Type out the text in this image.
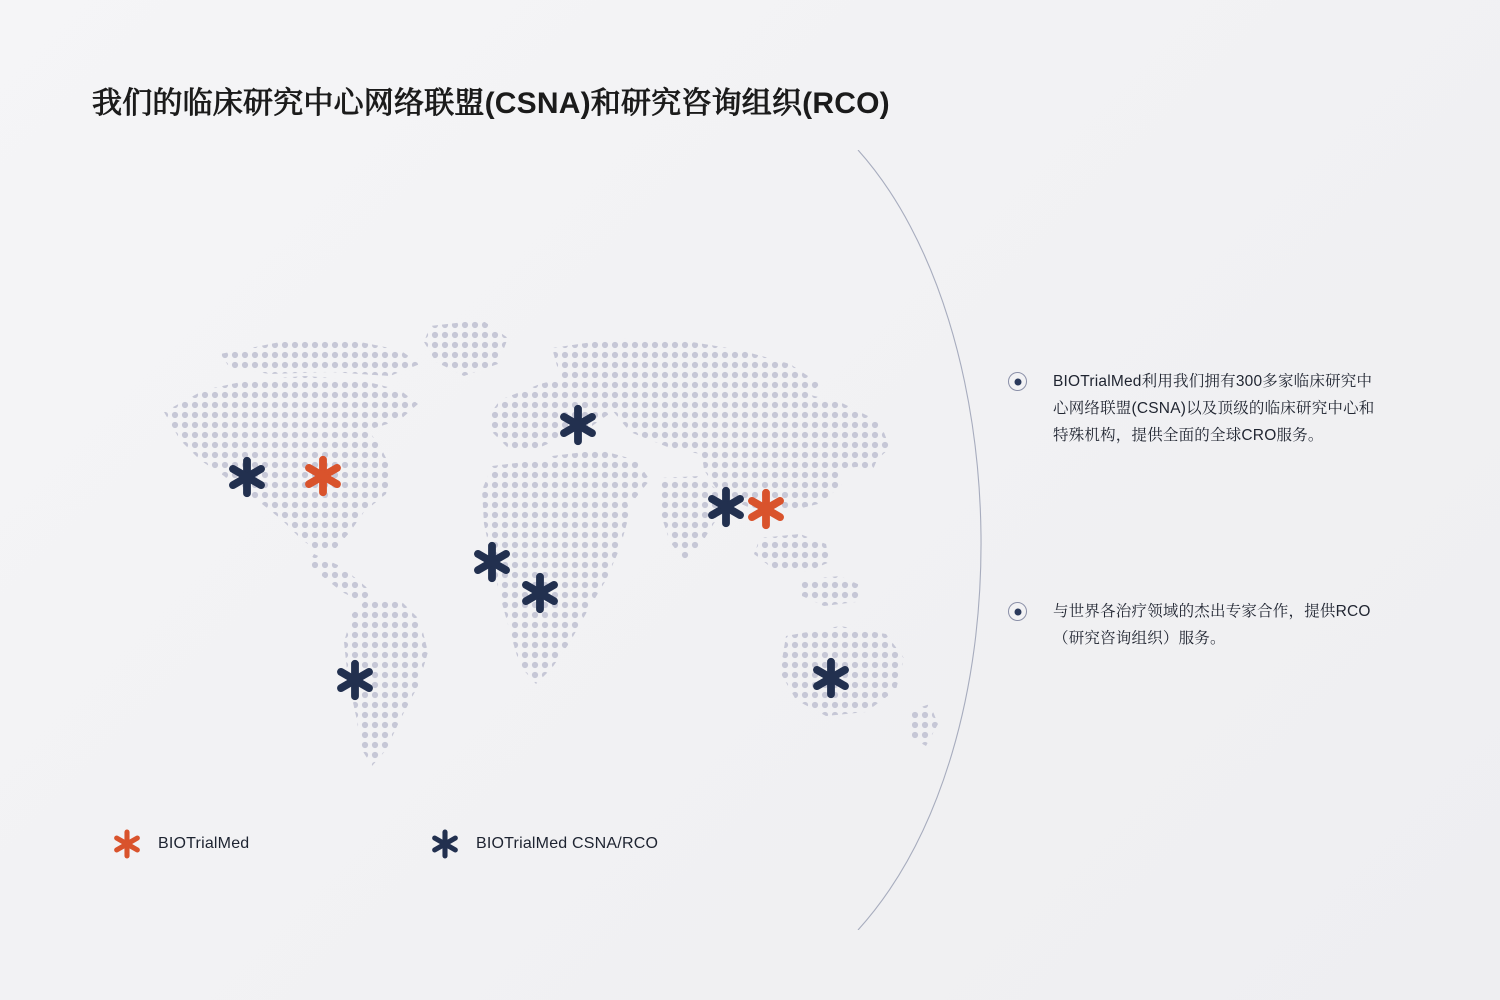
我们的临床研究中心网络联盟(CSNA)和研究咨询组织(RCO)
BIOTrialMed利用我们拥有300多家临床研究中心网络联盟(CSNA)以及顶级的临床研究中心和特殊机构，提供全面的全球CRO服务。
与世界各治疗领域的杰出专家合作，提供RCO（研究咨询组织）服务。
BIOTrialMed	BIOTrialMed CSNA/RCO
